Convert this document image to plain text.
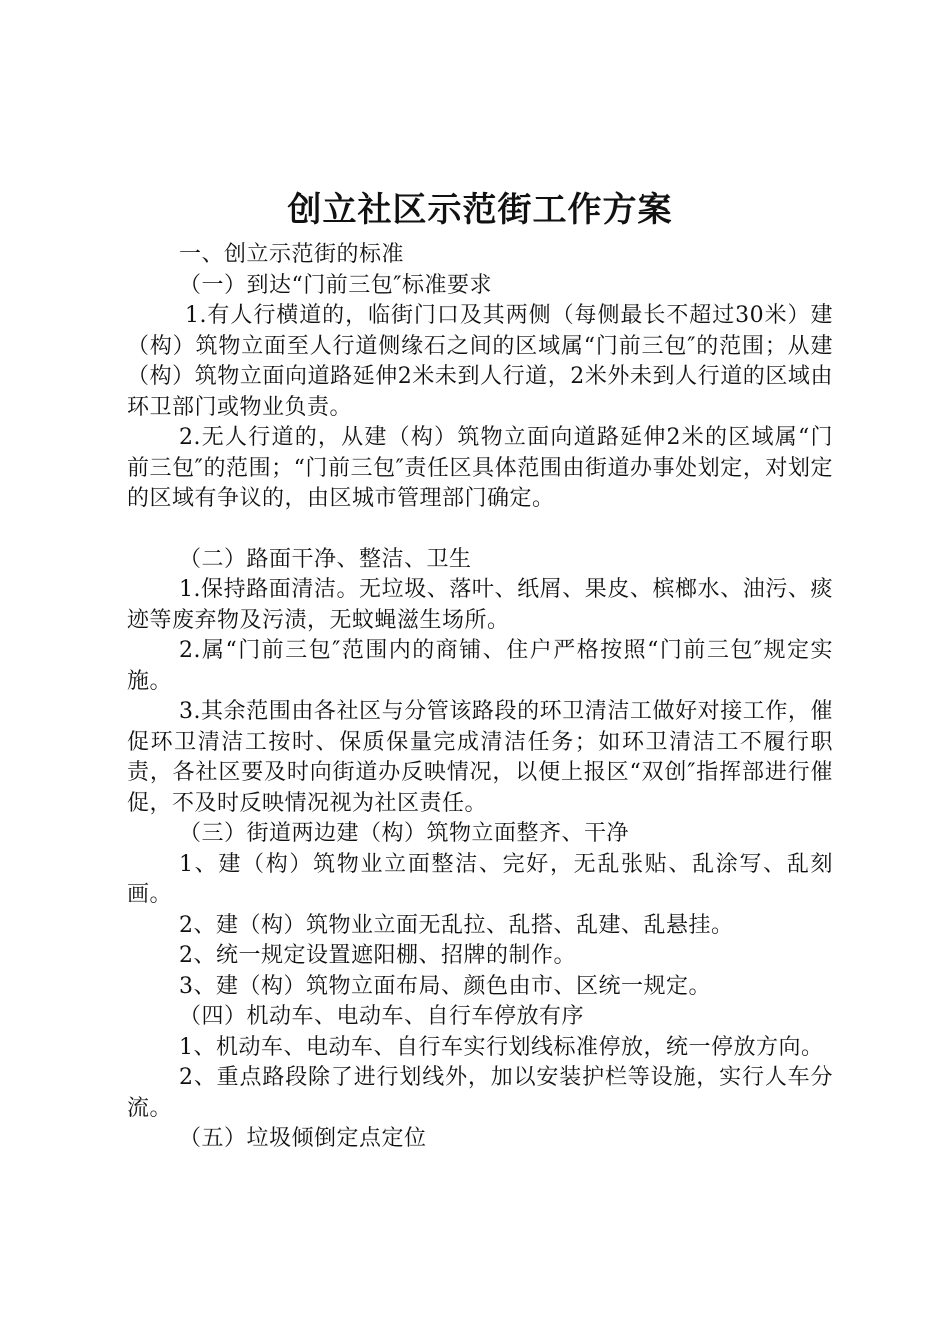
创立社区示范街工作方案

一、创立示范街的标准

（一）到达“门前三包″标准要求

1.有人行横道的，临街门口及其两侧（每侧最长不超过30米）建（构）筑物立面至人行道侧缘石之间的区域属“门前三包″的范围；从建（构）筑物立面向道路延伸2米未到人行道，2米外未到人行道的区域由环卫部门或物业负责。

2.无人行道的，从建（构）筑物立面向道路延伸2米的区域属“门前三包″的范围；“门前三包″责任区具体范围由街道办事处划定，对划定的区域有争议的，由区城市管理部门确定。

（二）路面干净、整洁、卫生

1.保持路面清洁。无垃圾、落叶、纸屑、果皮、槟榔水、油污、痰迹等废弃物及污渍，无蚊蝇滋生场所。

2.属“门前三包″范围内的商铺、住户严格按照“门前三包″规定实施。

3.其余范围由各社区与分管该路段的环卫清洁工做好对接工作，催促环卫清洁工按时、保质保量完成清洁任务；如环卫清洁工不履行职责，各社区要及时向街道办反映情况，以便上报区“双创″指挥部进行催促，不及时反映情况视为社区责任。

（三）街道两边建（构）筑物立面整齐、干净

1、建（构）筑物业立面整洁、完好，无乱张贴、乱涂写、乱刻画。

2、建（构）筑物业立面无乱拉、乱搭、乱建、乱悬挂。

2、统一规定设置遮阳棚、招牌的制作。

3、建（构）筑物立面布局、颜色由市、区统一规定。

（四）机动车、电动车、自行车停放有序

1、机动车、电动车、自行车实行划线标准停放，统一停放方向。

2、重点路段除了进行划线外，加以安装护栏等设施，实行人车分流。

（五）垃圾倾倒定点定位
